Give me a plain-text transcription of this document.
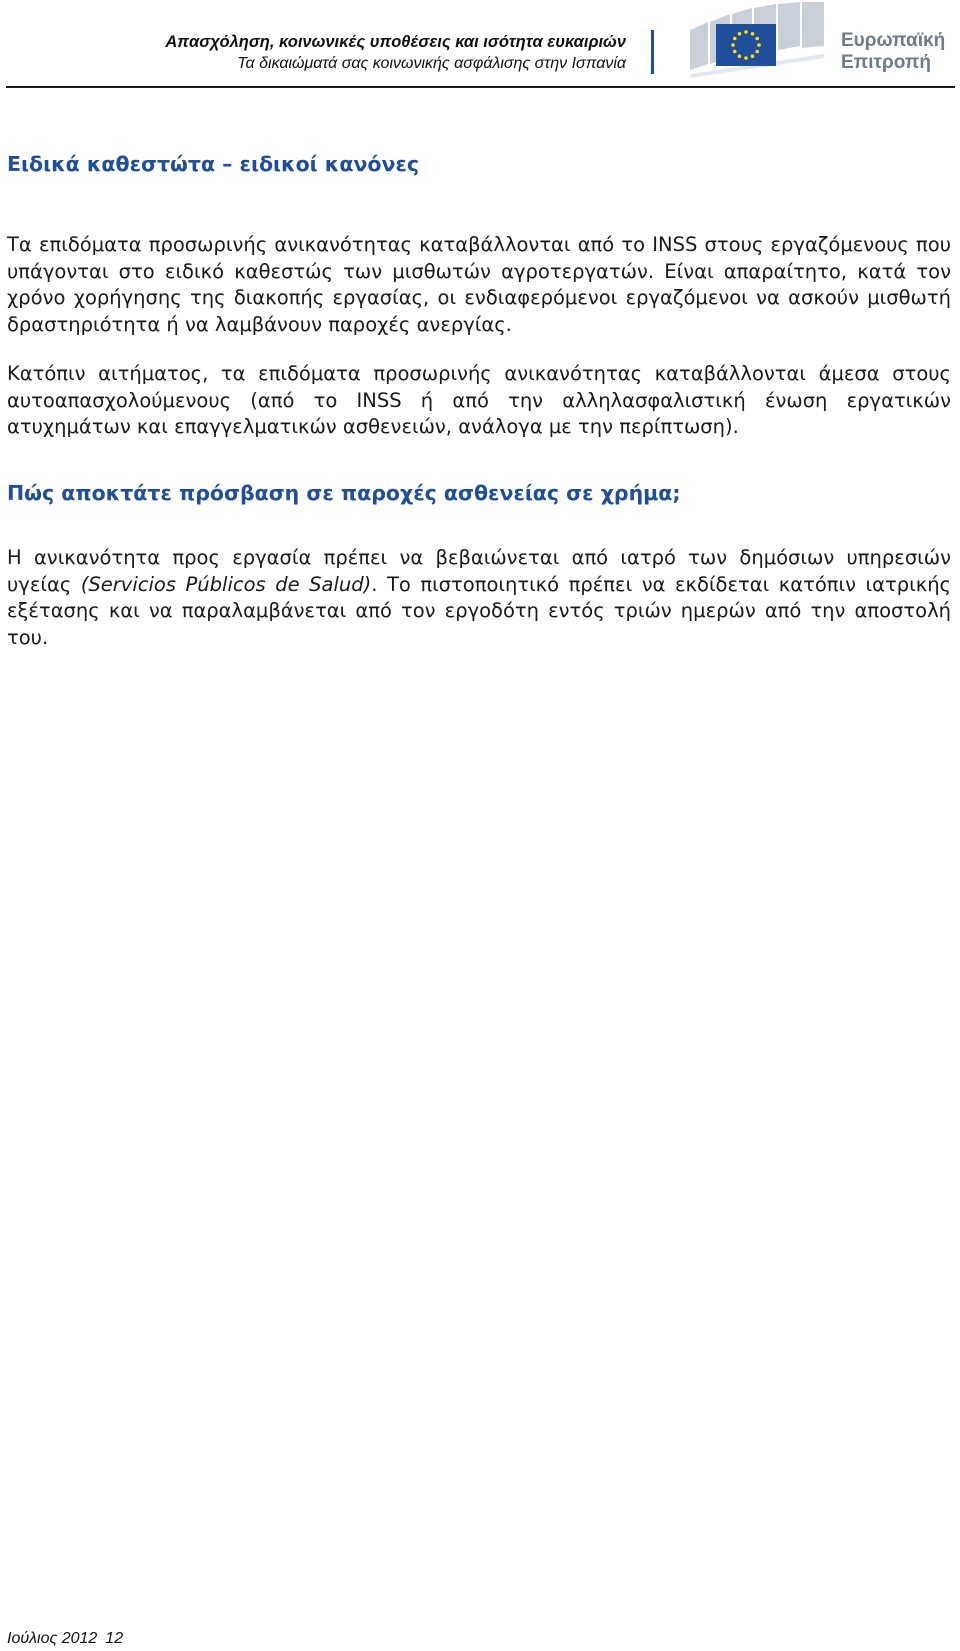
Απασχόληση, κοινωνικές υποθέσεις και ισότητα ευκαιριών
Τα δικαιώματά σας κοινωνικής ασφάλισης στην Ισπανία
Ευρωπαϊκή
Επιτροπή
Ειδικά καθεστώτα – ειδικοί κανόνες

Τα επιδόματα προσωρινής ανικανότητας καταβάλλονται από το INSS στους εργαζόμενους που υπάγονται στο ειδικό καθεστώς των μισθωτών αγροτεργατών. Είναι απαραίτητο, κατά τον χρόνο χορήγησης της διακοπής εργασίας, οι ενδιαφερόμενοι εργαζόμενοι να ασκούν μισθωτή δραστηριότητα ή να λαμβάνουν παροχές ανεργίας.

Κατόπιν αιτήματος, τα επιδόματα προσωρινής ανικανότητας καταβάλλονται άμεσα στους αυτοαπασχολούμενους (από το INSS ή από την αλληλασφαλιστική ένωση εργατικών ατυχημάτων και επαγγελματικών ασθενειών, ανάλογα με την περίπτωση).

Πώς αποκτάτε πρόσβαση σε παροχές ασθενείας σε χρήμα;

Η ανικανότητα προς εργασία πρέπει να βεβαιώνεται από ιατρό των δημόσιων υπηρεσιών υγείας (Servicios Públicos de Salud). Το πιστοποιητικό πρέπει να εκδίδεται κατόπιν ιατρικής εξέτασης και να παραλαμβάνεται από τον εργοδότη εντός τριών ημερών από την αποστολή του.

Ιούλιος 2012 12
